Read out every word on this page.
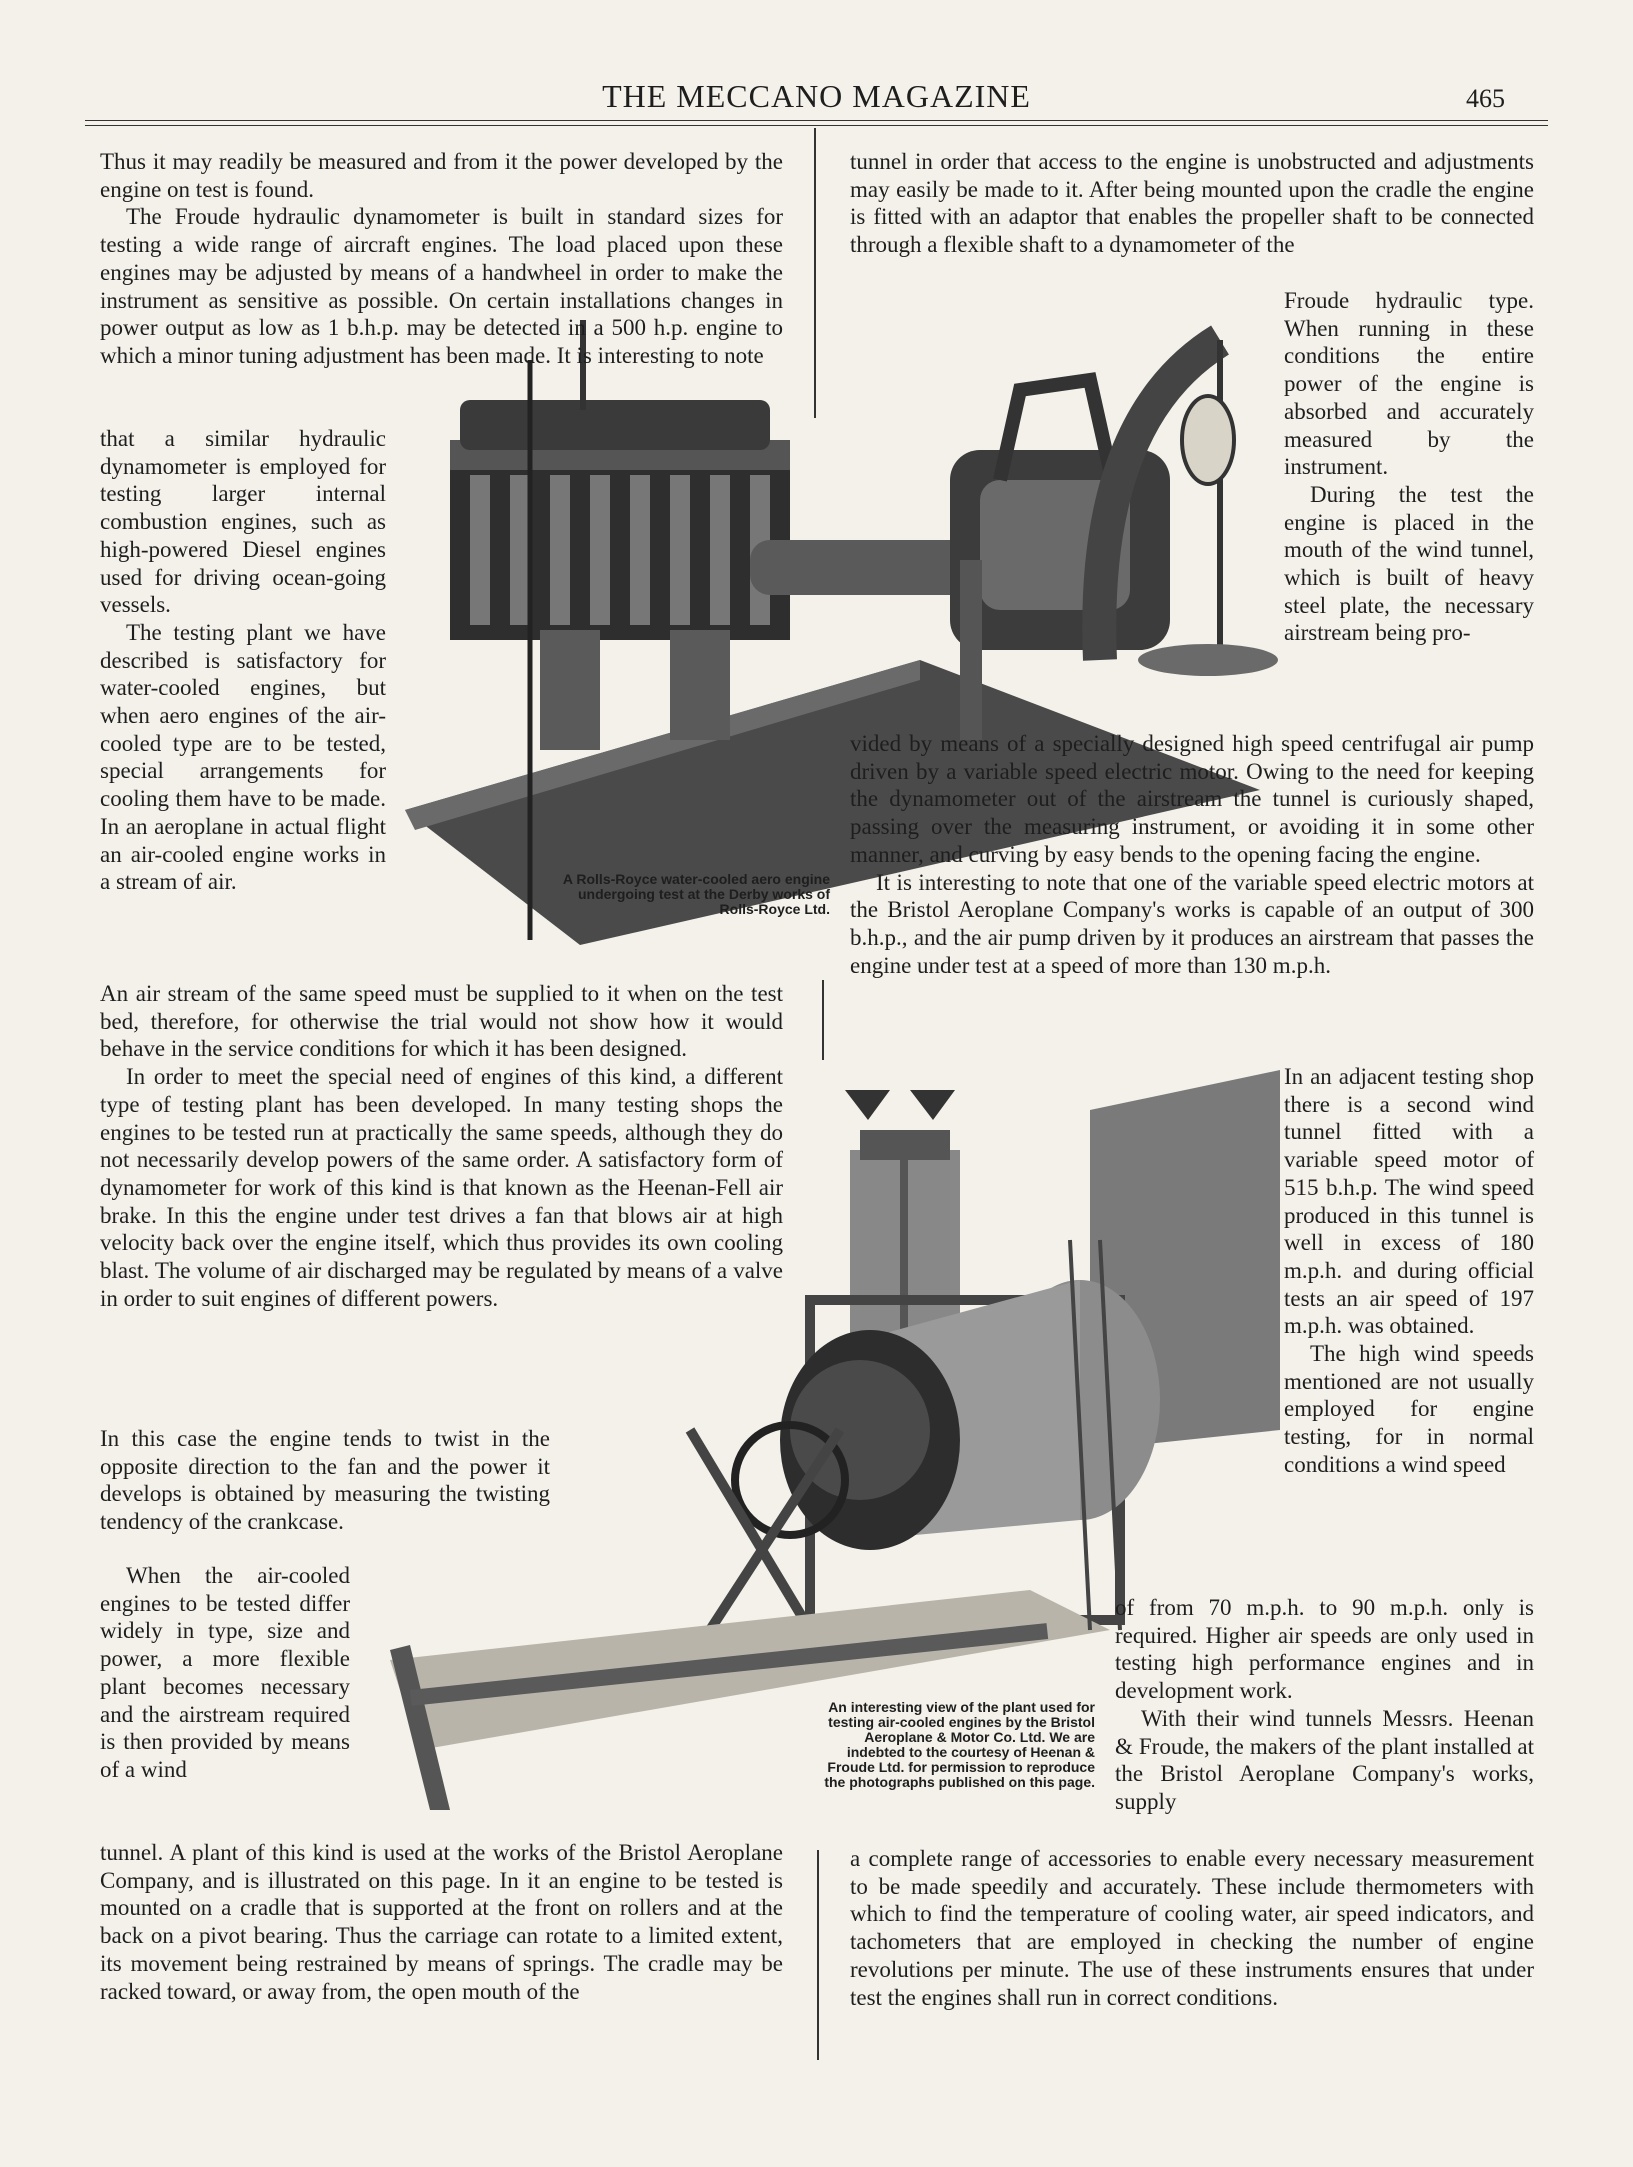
THE MECCANO MAGAZINE	465

Thus it may readily be measured and from it the power developed by the engine on test is found.

The Froude hydraulic dynamometer is built in standard sizes for testing a wide range of aircraft engines. The load placed upon these engines may be adjusted by means of a handwheel in order to make the instrument as sensitive as possible. On certain installations changes in power output as low as 1 b.h.p. may be detected in a 500 h.p. engine to which a minor tuning adjustment has been made. It is interesting to note

that a similar hydraulic dynamometer is employed for testing larger internal combustion engines, such as high-powered Diesel engines used for driving ocean-going vessels.

The testing plant we have described is satisfactory for water-cooled engines, but when aero engines of the air-cooled type are to be tested, special arrangements for cooling them have to be made. In an aeroplane in actual flight an air-cooled engine works in a stream of air.

An air stream of the same speed must be supplied to it when on the test bed, therefore, for otherwise the trial would not show how it would behave in the service conditions for which it has been designed.

In order to meet the special need of engines of this kind, a different type of testing plant has been developed. In many testing shops the engines to be tested run at practically the same speeds, although they do not necessarily develop powers of the same order. A satisfactory form of dynamometer for work of this kind is that known as the Heenan-Fell air brake. In this the engine under test drives a fan that blows air at high velocity back over the engine itself, which thus provides its own cooling blast. The volume of air discharged may be regulated by means of a valve in order to suit engines of different powers.

In this case the engine tends to twist in the opposite direction to the fan and the power it develops is obtained by measuring the twisting tendency of the crankcase.

When the air-cooled engines to be tested differ widely in type, size and power, a more flexible plant becomes necessary and the airstream required is then provided by means of a wind

tunnel. A plant of this kind is used at the works of the Bristol Aeroplane Company, and is illustrated on this page. In it an engine to be tested is mounted on a cradle that is supported at the front on rollers and at the back on a pivot bearing. Thus the carriage can rotate to a limited extent, its movement being restrained by means of springs. The cradle may be racked toward, or away from, the open mouth of the

tunnel in order that access to the engine is unobstructed and adjustments may easily be made to it. After being mounted upon the cradle the engine is fitted with an adaptor that enables the propeller shaft to be connected through a flexible shaft to a dynamometer of the

Froude hydraulic type. When running in these conditions the entire power of the engine is absorbed and accurately measured by the instrument.

During the test the engine is placed in the mouth of the wind tunnel, which is built of heavy steel plate, the necessary airstream being pro-

vided by means of a specially designed high speed centrifugal air pump driven by a variable speed electric motor. Owing to the need for keeping the dynamometer out of the airstream the tunnel is curiously shaped, passing over the measuring instrument, or avoiding it in some other manner, and curving by easy bends to the opening facing the engine.

It is interesting to note that one of the variable speed electric motors at the Bristol Aeroplane Company's works is capable of an output of 300 b.h.p., and the air pump driven by it produces an airstream that passes the engine under test at a speed of more than 130 m.p.h.

In an adjacent testing shop there is a second wind tunnel fitted with a variable speed motor of 515 b.h.p. The wind speed produced in this tunnel is well in excess of 180 m.p.h. and during official tests an air speed of 197 m.p.h. was obtained.

The high wind speeds mentioned are not usually employed for engine testing, for in normal conditions a wind speed

of from 70 m.p.h. to 90 m.p.h. only is required. Higher air speeds are only used in testing high performance engines and in development work.

With their wind tunnels Messrs. Heenan & Froude, the makers of the plant installed at the Bristol Aeroplane Company's works, supply

a complete range of accessories to enable every necessary measurement to be made speedily and accurately. These include thermometers with which to find the temperature of cooling water, air speed indicators, and tachometers that are employed in checking the number of engine revolutions per minute. The use of these instruments ensures that under test the engines shall run in correct conditions.

A Rolls-Royce water-cooled aero engine undergoing test at the Derby works of Rolls-Royce Ltd.
An interesting view of the plant used for testing air-cooled engines by the Bristol Aeroplane & Motor Co. Ltd. We are indebted to the courtesy of Heenan & Froude Ltd. for permission to reproduce the photographs published on this page.
